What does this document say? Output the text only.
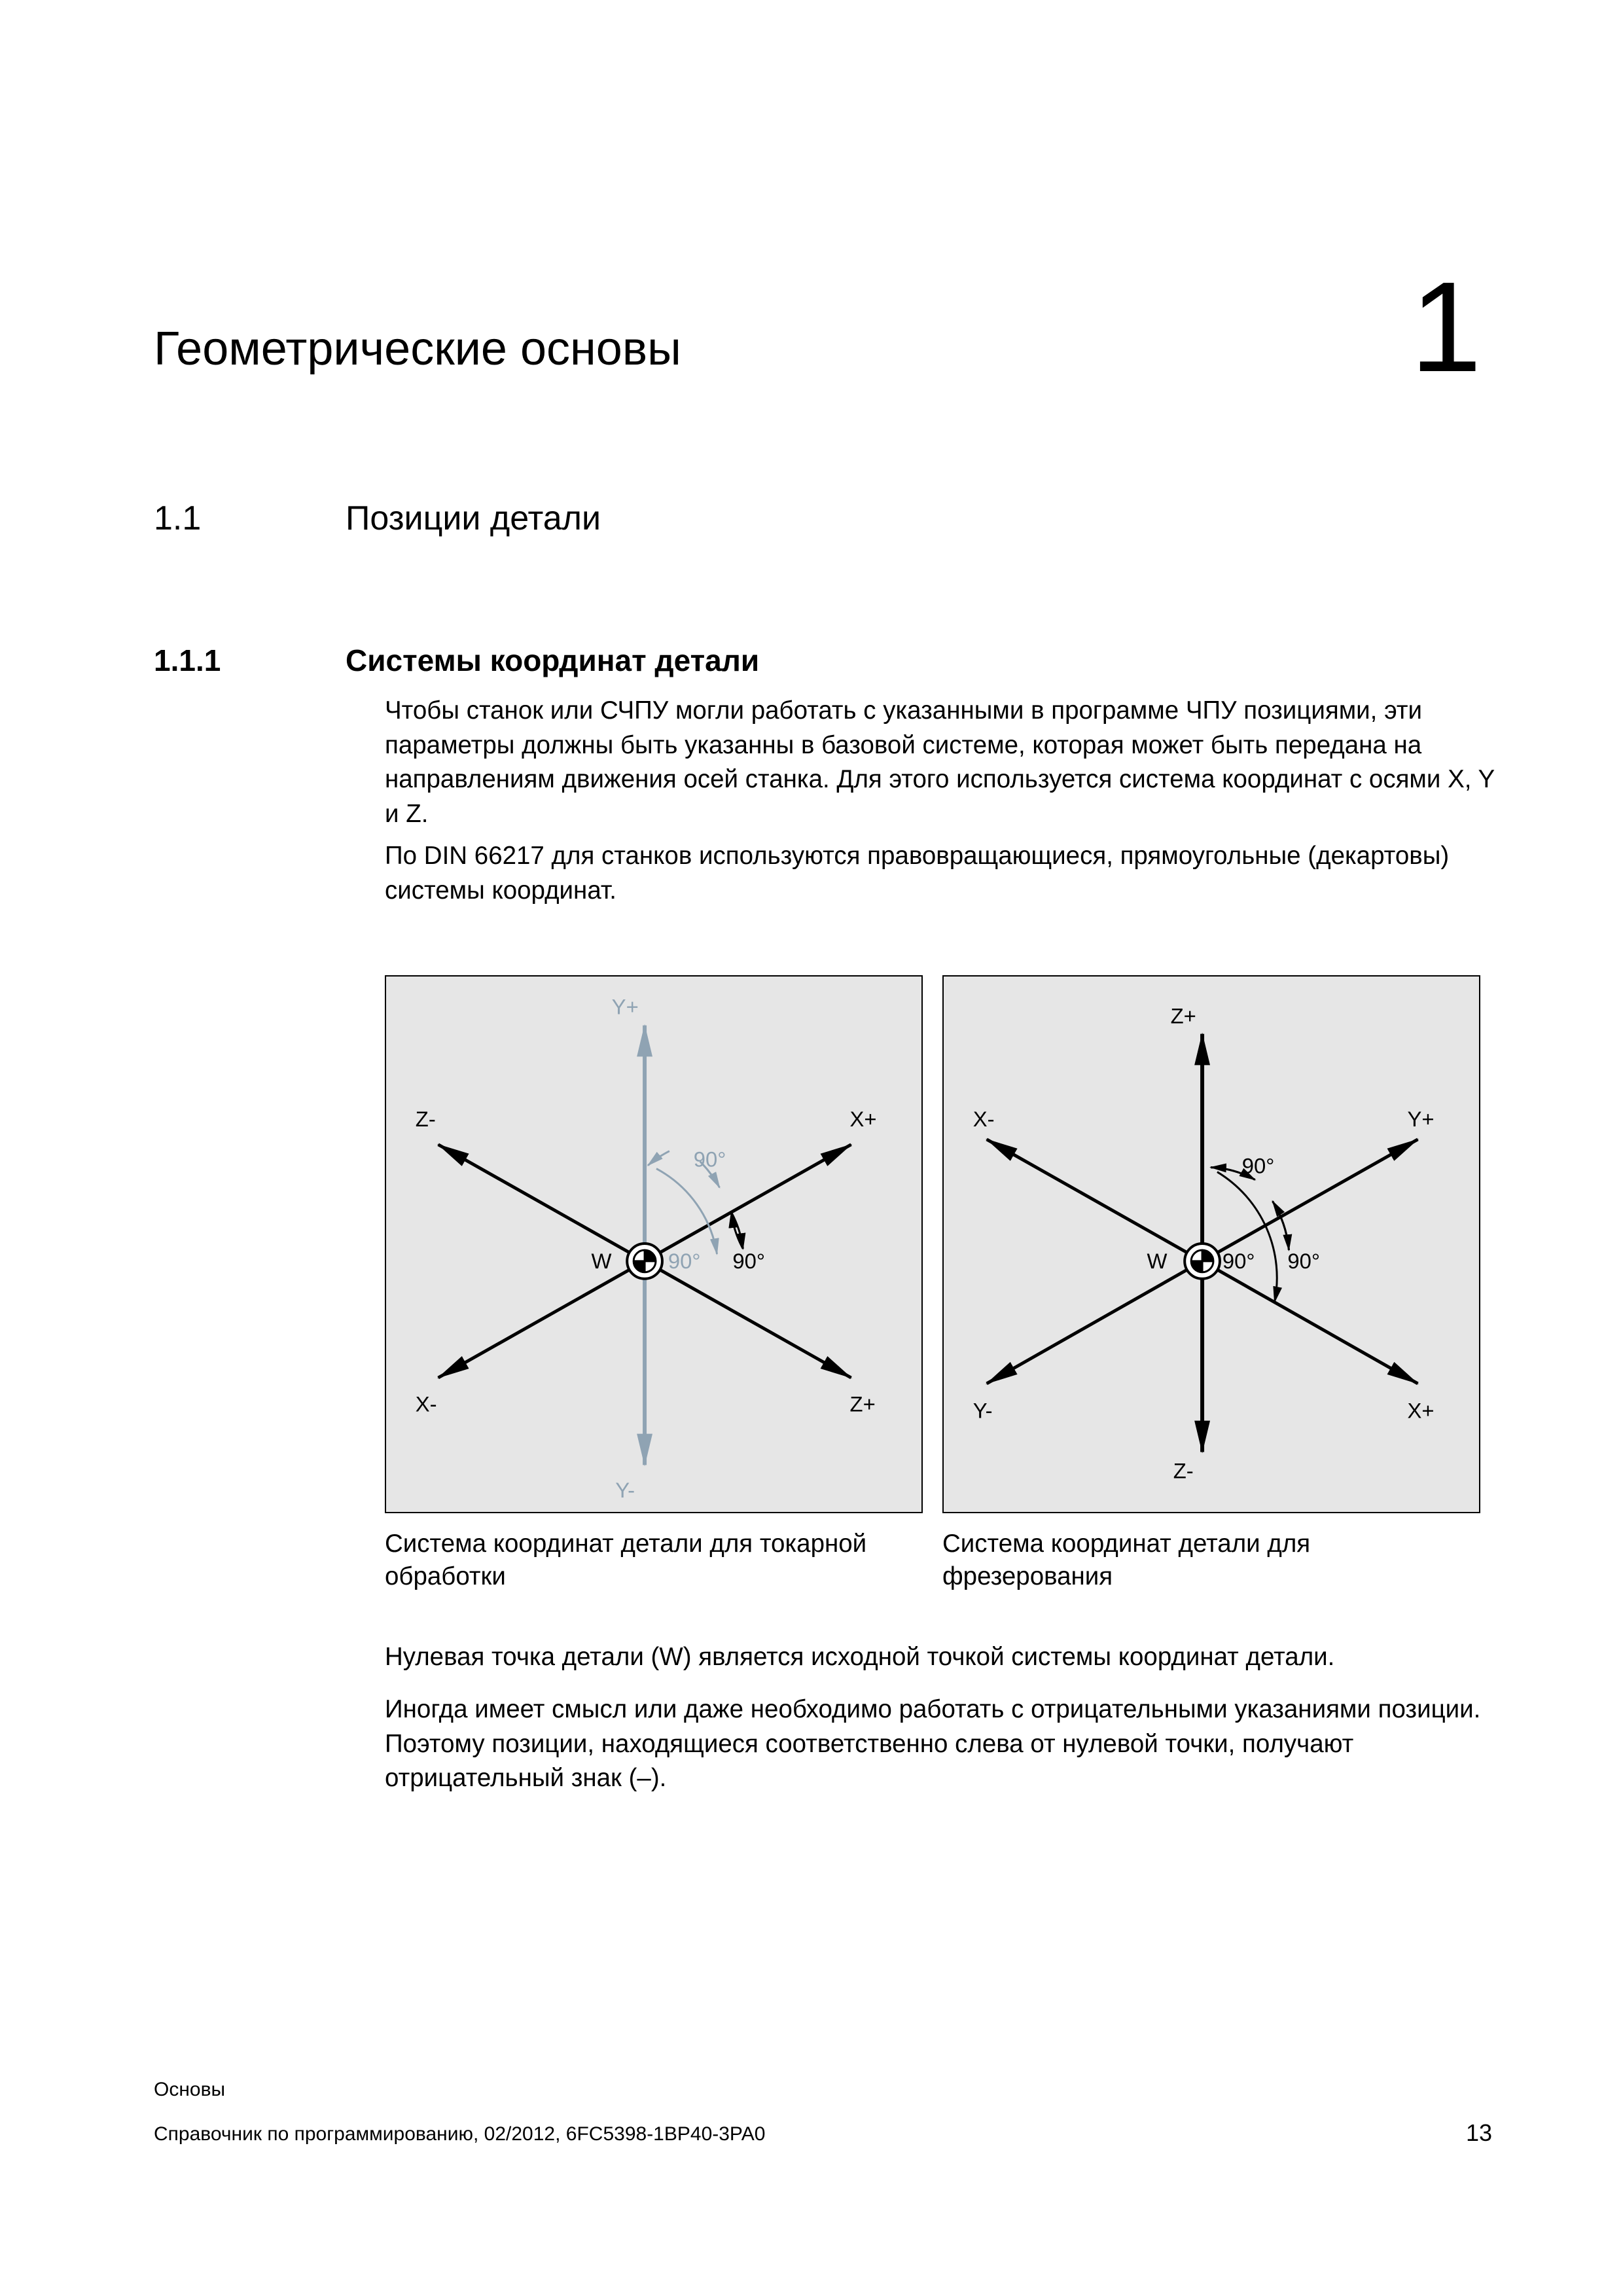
Геометрические основы	1
1.1	Позиции детали
1.1.1	Системы координат детали
Чтобы станок или СЧПУ могли работать с указанными в программе ЧПУ позициями, эти параметры должны быть указанны в базовой системе, которая может быть передана на направлениям движения осей станка. Для этого используется система координат с осями X, Y и Z.
По DIN 66217 для станков используются правовращающиеся, прямоугольные (декартовы) системы координат.
Y+
Y-
Z-	X+
X-	Z+
W
90°
90° 90°
Z+
Z-
X-	Y+
Y-	X+
W
90°
90° 90°
Система координат детали для токарной обработки
Система координат детали для фрезерования
Нулевая точка детали (W) является исходной точкой системы координат детали.
Иногда имеет смысл или даже необходимо работать с отрицательными указаниями позиции. Поэтому позиции, находящиеся соответственно слева от нулевой точки, получают отрицательный знак (–).
Основы
Справочник по программированию, 02/2012, 6FC5398-1BP40-3PA0	13
